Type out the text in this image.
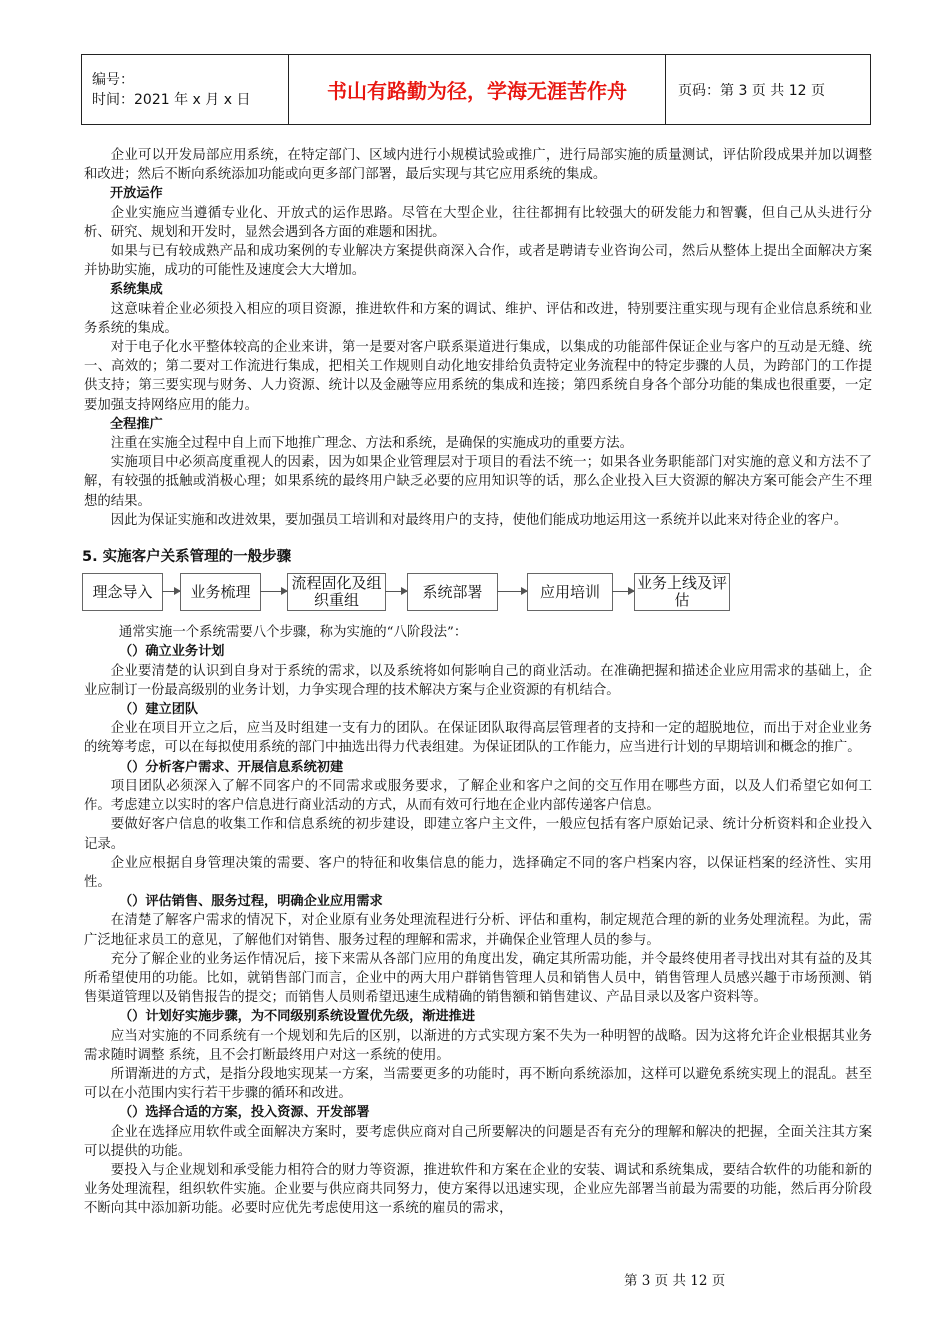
编号：
时间：2021 年 x 月 x 日	书山有路勤为径，学海无涯苦作舟	页码：第 3 页 共 12 页

企业可以开发局部应用系统，在特定部门、区域内进行小规模试验或推广，进行局部实施的质量测试，评估阶段成果并加以调整和改进；然后不断向系统添加功能或向更多部门部署，最后实现与其它应用系统的集成。

开放运作

企业实施应当遵循专业化、开放式的运作思路。尽管在大型企业，往往都拥有比较强大的研发能力和智囊，但自己从头进行分析、研究、规划和开发时，显然会遇到各方面的难题和困扰。

如果与已有较成熟产品和成功案例的专业解决方案提供商深入合作，或者是聘请专业咨询公司，然后从整体上提出全面解决方案并协助实施，成功的可能性及速度会大大增加。

系统集成

这意味着企业必须投入相应的项目资源，推进软件和方案的调试、维护、评估和改进，特别要注重实现与现有企业信息系统和业务系统的集成。

对于电子化水平整体较高的企业来讲，第一是要对客户联系渠道进行集成，以集成的功能部件保证企业与客户的互动是无缝、统一、高效的；第二要对工作流进行集成，把相关工作规则自动化地安排给负责特定业务流程中的特定步骤的人员，为跨部门的工作提供支持；第三要实现与财务、人力资源、统计以及金融等应用系统的集成和连接；第四系统自身各个部分功能的集成也很重要，一定要加强支持网络应用的能力。

全程推广

注重在实施全过程中自上而下地推广理念、方法和系统，是确保的实施成功的重要方法。

实施项目中必须高度重视人的因素，因为如果企业管理层对于项目的看法不统一；如果各业务职能部门对实施的意义和方法不了解，有较强的抵触或消极心理；如果系统的最终用户缺乏必要的应用知识等的话，那么企业投入巨大资源的解决方案可能会产生不理想的结果。

因此为保证实施和改进效果，要加强员工培训和对最终用户的支持，使他们能成功地运用这一系统并以此来对待企业的客户。

5. 实施客户关系管理的一般步骤
理念导入	业务梳理	流程固化及组织重组	系统部署	应用培训	业务上线及评估

通常实施一个系统需要八个步骤，称为实施的“八阶段法”：

（）确立业务计划

企业要清楚的认识到自身对于系统的需求，以及系统将如何影响自己的商业活动。在准确把握和描述企业应用需求的基础上，企业应制订一份最高级别的业务计划，力争实现合理的技术解决方案与企业资源的有机结合。

（）建立团队

企业在项目开立之后，应当及时组建一支有力的团队。在保证团队取得高层管理者的支持和一定的超脱地位，而出于对企业业务的统筹考虑，可以在每拟使用系统的部门中抽选出得力代表组建。为保证团队的工作能力，应当进行计划的早期培训和概念的推广。

（）分析客户需求、开展信息系统初建

项目团队必须深入了解不同客户的不同需求或服务要求，了解企业和客户之间的交互作用在哪些方面，以及人们希望它如何工作。考虑建立以实时的客户信息进行商业活动的方式，从而有效可行地在企业内部传递客户信息。

要做好客户信息的收集工作和信息系统的初步建设，即建立客户主文件，一般应包括有客户原始记录、统计分析资料和企业投入记录。

企业应根据自身管理决策的需要、客户的特征和收集信息的能力，选择确定不同的客户档案内容，以保证档案的经济性、实用性。

（）评估销售、服务过程，明确企业应用需求

在清楚了解客户需求的情况下，对企业原有业务处理流程进行分析、评估和重构，制定规范合理的新的业务处理流程。为此，需广泛地征求员工的意见，了解他们对销售、服务过程的理解和需求，并确保企业管理人员的参与。

充分了解企业的业务运作情况后，接下来需从各部门应用的角度出发，确定其所需功能，并令最终使用者寻找出对其有益的及其所希望使用的功能。比如，就销售部门而言，企业中的两大用户群销售管理人员和销售人员中，销售管理人员感兴趣于市场预测、销售渠道管理以及销售报告的提交；而销售人员则希望迅速生成精确的销售额和销售建议、产品目录以及客户资料等。

（）计划好实施步骤，为不同级别系统设置优先级，渐进推进

应当对实施的不同系统有一个规划和先后的区别，以渐进的方式实现方案不失为一种明智的战略。因为这将允许企业根据其业务需求随时调整 系统，且不会打断最终用户对这一系统的使用。

所谓渐进的方式，是指分段地实现某一方案，当需要更多的功能时，再不断向系统添加，这样可以避免系统实现上的混乱。甚至可以在小范围内实行若干步骤的循环和改进。

（）选择合适的方案，投入资源、开发部署

企业在选择应用软件或全面解决方案时，要考虑供应商对自己所要解决的问题是否有充分的理解和解决的把握，全面关注其方案可以提供的功能。

要投入与企业规划和承受能力相符合的财力等资源，推进软件和方案在企业的安装、调试和系统集成，要结合软件的功能和新的业务处理流程，组织软件实施。企业要与供应商共同努力，使方案得以迅速实现，企业应先部署当前最为需要的功能，然后再分阶段不断向其中添加新功能。必要时应优先考虑使用这一系统的雇员的需求，

第 3 页 共 12 页
